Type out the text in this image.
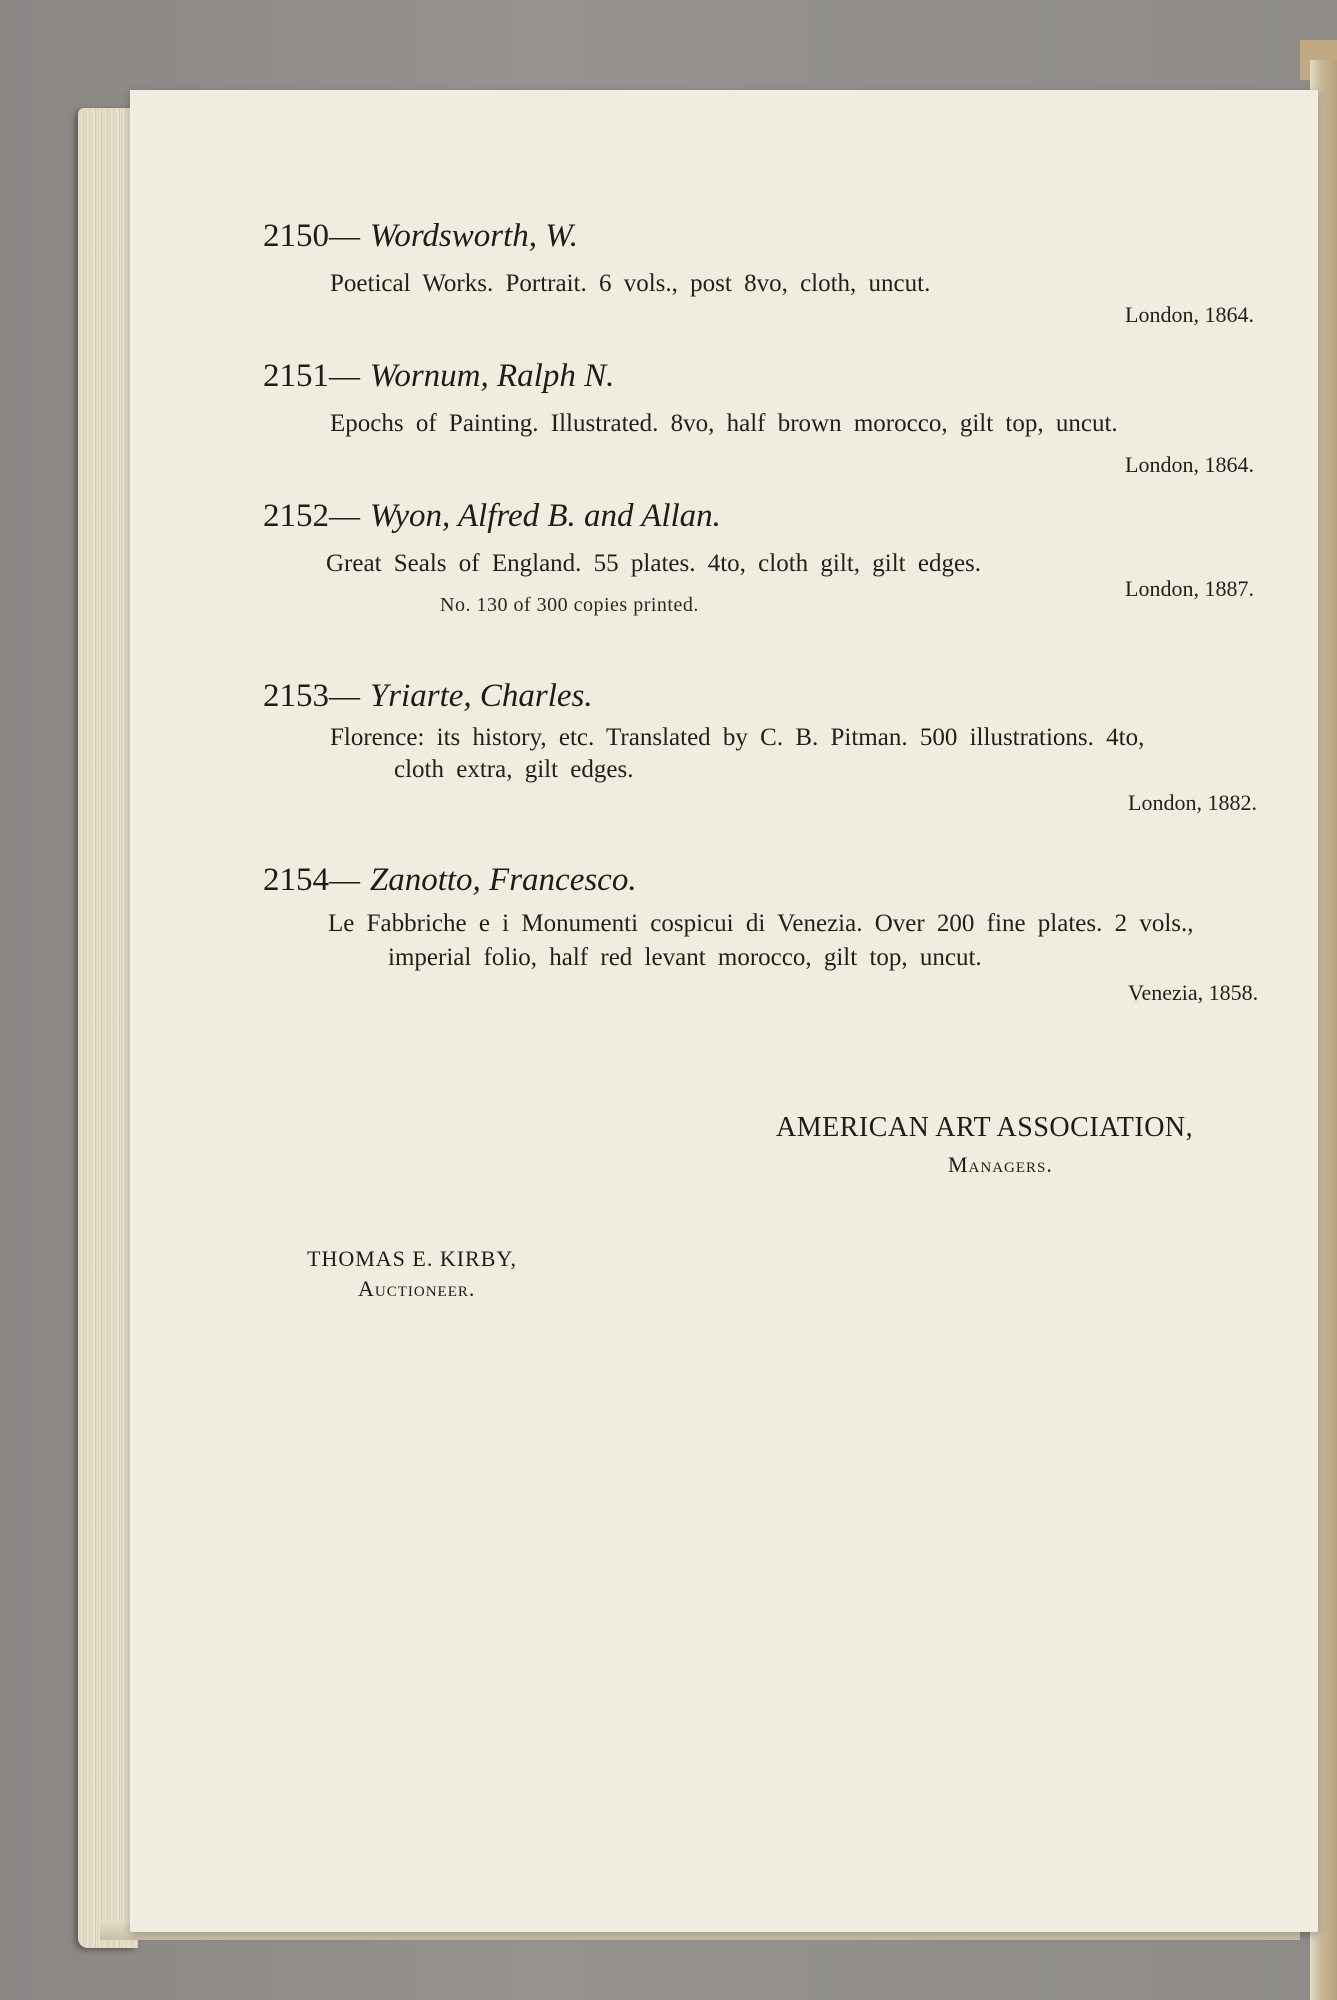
2150— Wordsworth, W.
Poetical Works. Portrait. 6 vols., post 8vo, cloth, uncut.
London, 1864.
2151— Wornum, Ralph N.
Epochs of Painting. Illustrated. 8vo, half brown morocco, gilt top, uncut.
London, 1864.
2152— Wyon, Alfred B. and Allan.
Great Seals of England. 55 plates. 4to, cloth gilt, gilt edges.
London, 1887.
No. 130 of 300 copies printed.
2153— Yriarte, Charles.
Florence: its history, etc. Translated by C. B. Pitman. 500 illustrations. 4to,
cloth extra, gilt edges.
London, 1882.
2154— Zanotto, Francesco.
Le Fabbriche e i Monumenti cospicui di Venezia. Over 200 fine plates. 2 vols.,
imperial folio, half red levant morocco, gilt top, uncut.
Venezia, 1858.
AMERICAN ART ASSOCIATION,
Managers.
THOMAS E. KIRBY,
Auctioneer.
